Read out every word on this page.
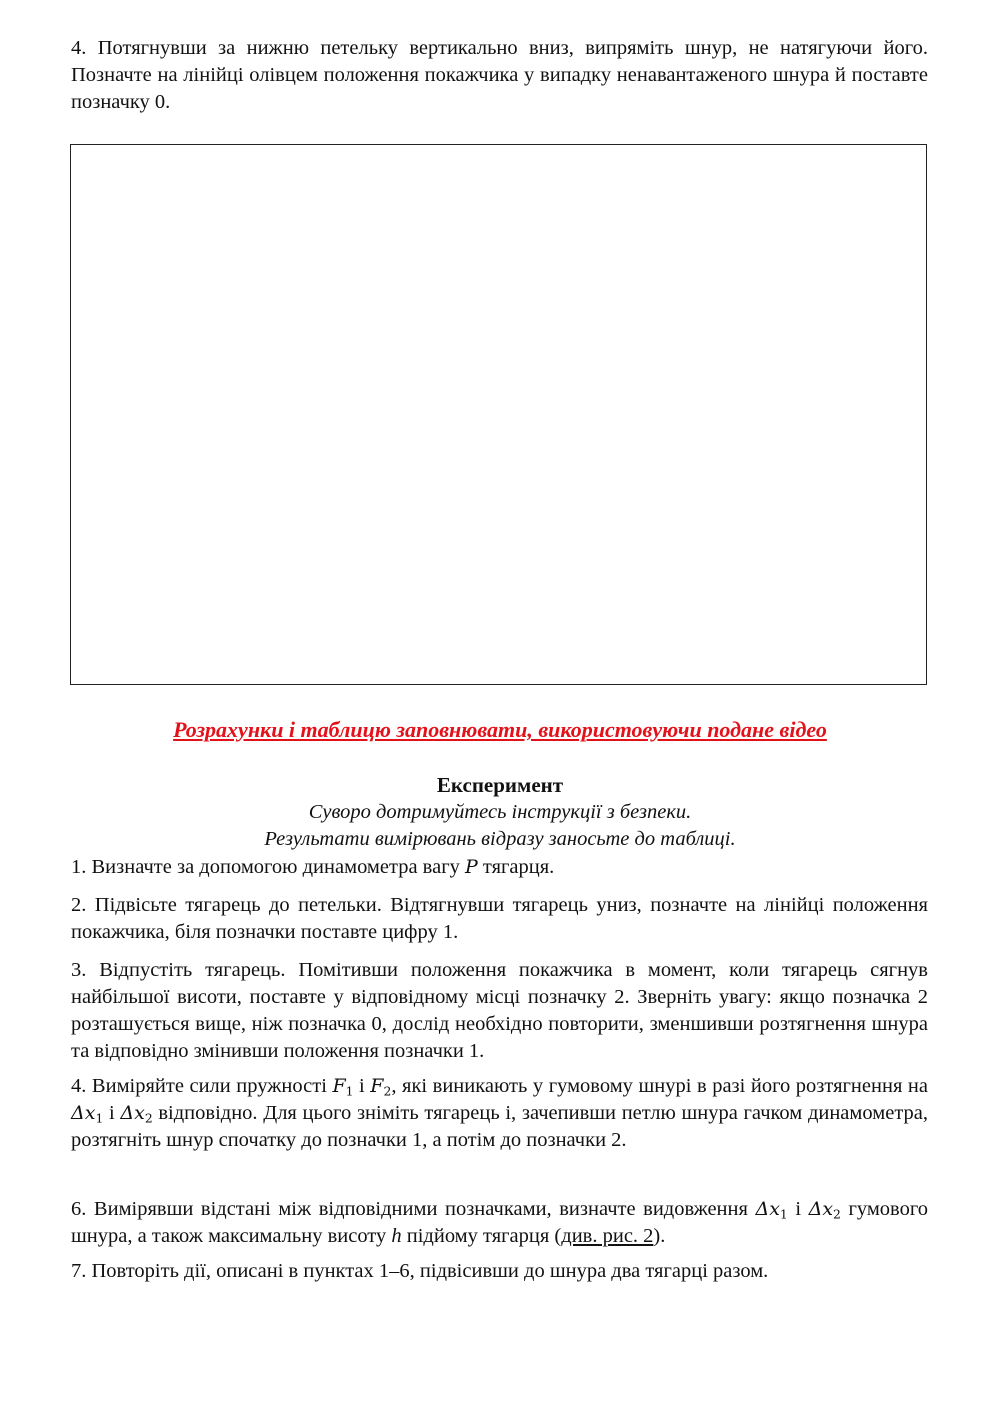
4. Потягнувши за нижню петельку вертикально вниз, випряміть шнур, не натягуючи його. Позначте на лінійці олівцем положення покажчика у випадку ненавантаженого шнура й поставте позначку 0.

Розрахунки і таблицю заповнювати, використовуючи подане відео
Експеримент
Суворо дотримуйтесь інструкції з безпеки.
Результати вимірювань відразу заносьте до таблиці.

1. Визначте за допомогою динамометра вагу P тягарця.

2. Підвісьте тягарець до петельки. Відтягнувши тягарець униз, позначте на лінійці положення покажчика, біля позначки поставте цифру 1.

3. Відпустіть тягарець. Помітивши положення покажчика в момент, коли тягарець сягнув найбільшої висоти, поставте у відповідному місці позначку 2. Зверніть увагу: якщо позначка 2 розташується вище, ніж позначка 0, дослід необхідно повторити, зменшивши розтягнення шнура та відповідно змінивши положення позначки 1.

4. Виміряйте сили пружності $F_1$ і $F_2$, які виникають у гумовому шнурі в разі його розтягнення на $\Delta x_1$ і $\Delta x_2$ відповідно. Для цього зніміть тягарець і, зачепивши петлю шнура гачком динамометра, розтягніть шнур спочатку до позначки 1, а потім до позначки 2.

6. Вимірявши відстані між відповідними позначками, визначте видовження $\Delta x_1$ і $\Delta x_2$ гумового шнура, а також максимальну висоту h підйому тягарця (див. рис. 2).

7. Повторіть дії, описані в пунктах 1–6, підвісивши до шнура два тягарці разом.
